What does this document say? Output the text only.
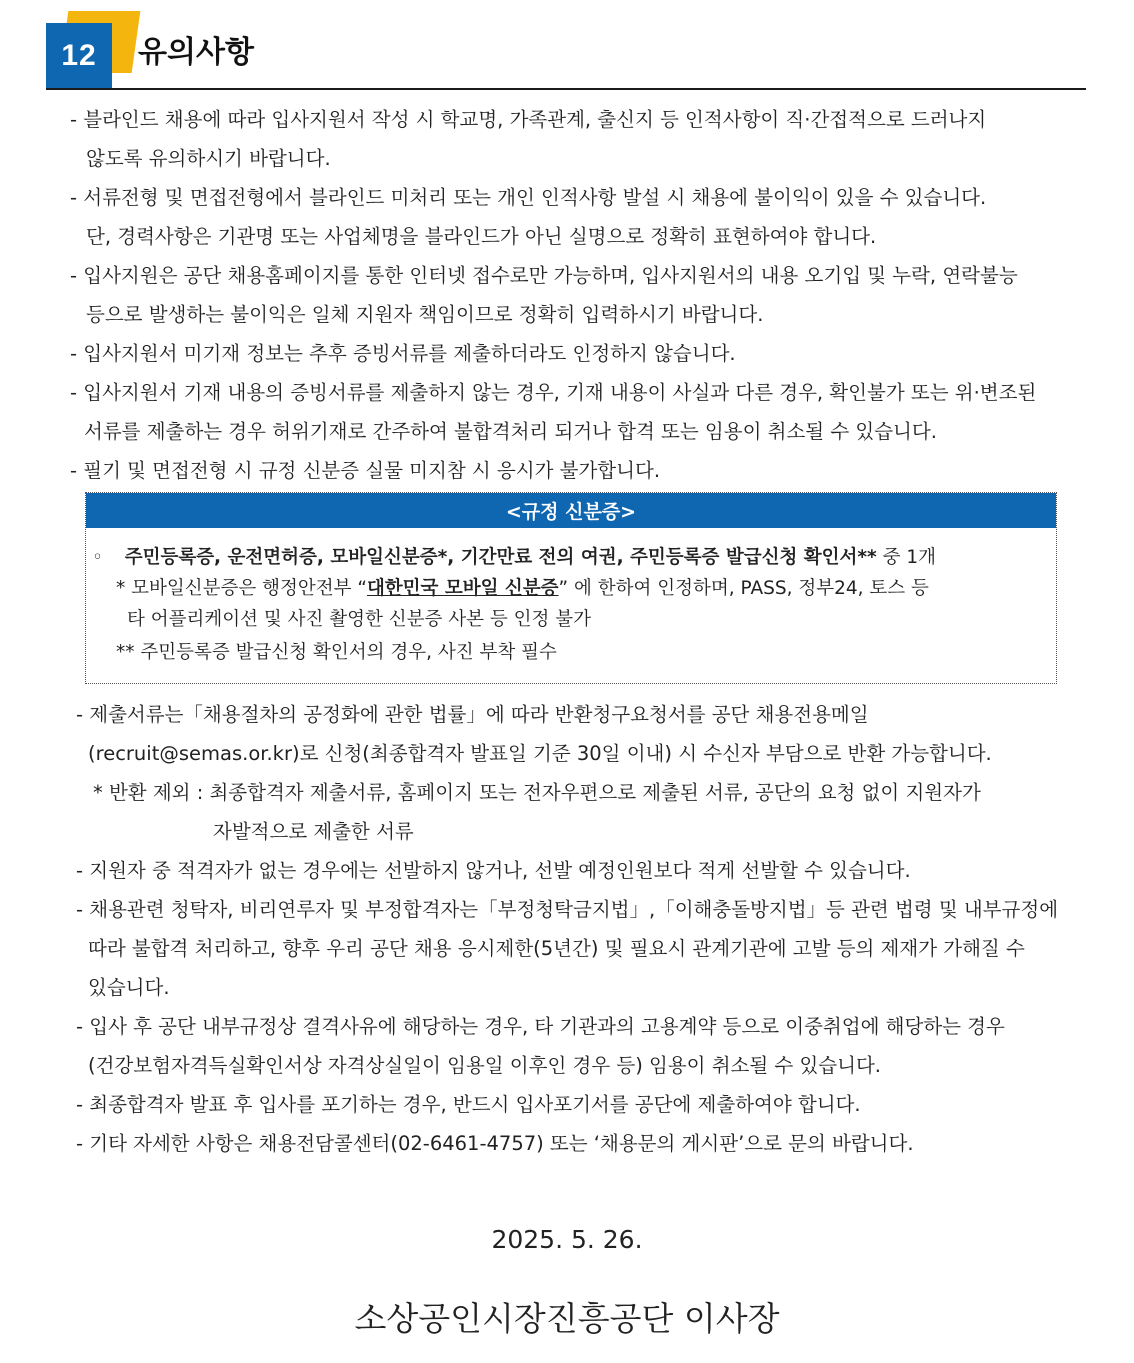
12	유의사항
- 블라인드 채용에 따라 입사지원서 작성 시 학교명, 가족관계, 출신지 등 인적사항이 직·간접적으로 드러나지
않도록 유의하시기 바랍니다.
- 서류전형 및 면접전형에서 블라인드 미처리 또는 개인 인적사항 발설 시 채용에 불이익이 있을 수 있습니다.
단, 경력사항은 기관명 또는 사업체명을 블라인드가 아닌 실명으로 정확히 표현하여야 합니다.
- 입사지원은 공단 채용홈페이지를 통한 인터넷 접수로만 가능하며, 입사지원서의 내용 오기입 및 누락, 연락불능
등으로 발생하는 불이익은 일체 지원자 책임이므로 정확히 입력하시기 바랍니다.
- 입사지원서 미기재 정보는 추후 증빙서류를 제출하더라도 인정하지 않습니다.
- 입사지원서 기재 내용의 증빙서류를 제출하지 않는 경우, 기재 내용이 사실과 다른 경우, 확인불가 또는 위·변조된
서류를 제출하는 경우 허위기재로 간주하여 불합격처리 되거나 합격 또는 임용이 취소될 수 있습니다.
- 필기 및 면접전형 시 규정 신분증 실물 미지참 시 응시가 불가합니다.
<규정 신분증>
◦ 주민등록증, 운전면허증, 모바일신분증*, 기간만료 전의 여권, 주민등록증 발급신청 확인서** 중 1개
* 모바일신분증은 행정안전부 “대한민국 모바일 신분증” 에 한하여 인정하며, PASS, 정부24, 토스 등
타 어플리케이션 및 사진 촬영한 신분증 사본 등 인정 불가
** 주민등록증 발급신청 확인서의 경우, 사진 부착 필수
- 제출서류는「채용절차의 공정화에 관한 법률」에 따라 반환청구요청서를 공단 채용전용메일
(recruit@semas.or.kr)로 신청(최종합격자 발표일 기준 30일 이내) 시 수신자 부담으로 반환 가능합니다.
* 반환 제외 : 최종합격자 제출서류, 홈페이지 또는 전자우편으로 제출된 서류, 공단의 요청 없이 지원자가
자발적으로 제출한 서류
- 지원자 중 적격자가 없는 경우에는 선발하지 않거나, 선발 예정인원보다 적게 선발할 수 있습니다.
- 채용관련 청탁자, 비리연루자 및 부정합격자는「부정청탁금지법」,「이해충돌방지법」등 관련 법령 및 내부규정에
따라 불합격 처리하고, 향후 우리 공단 채용 응시제한(5년간) 및 필요시 관계기관에 고발 등의 제재가 가해질 수
있습니다.
- 입사 후 공단 내부규정상 결격사유에 해당하는 경우, 타 기관과의 고용계약 등으로 이중취업에 해당하는 경우
(건강보험자격득실확인서상 자격상실일이 임용일 이후인 경우 등) 임용이 취소될 수 있습니다.
- 최종합격자 발표 후 입사를 포기하는 경우, 반드시 입사포기서를 공단에 제출하여야 합니다.
- 기타 자세한 사항은 채용전담콜센터(02-6461-4757) 또는 ‘채용문의 게시판’으로 문의 바랍니다.
2025. 5. 26.
소상공인시장진흥공단 이사장
